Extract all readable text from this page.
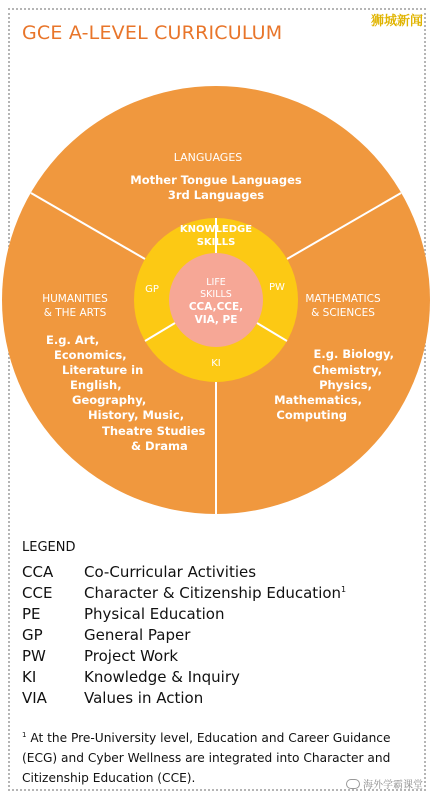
GCE A-LEVEL CURRICULUM
狮城新闻
LANGUAGES
Mother Tongue Languages
3rd Languages
HUMANITIES
& THE ARTS
E.g. Art,
Economics,
Literature in
English,
Geography,
History, Music,
Theatre Studies
& Drama
MATHEMATICS
& SCIENCES
E.g. Biology,
Chemistry,
Physics,
Mathematics,
Computing
KNOWLEDGE
SKILLS
GP	PW
KI
LIFE
SKILLS
CCA,CCE,
VIA, PE
LEGEND
CCA	Co-Curricular Activities
CCE	Character & Citizenship Education$^1$
PE	Physical Education
GP	General Paper
PW	Project Work
KI	Knowledge & Inquiry
VIA	Values in Action
$^1$ At the Pre-University level, Education and Career Guidance (ECG) and Cyber Wellness are integrated into Character and Citizenship Education (CCE).
海外学霸课堂
